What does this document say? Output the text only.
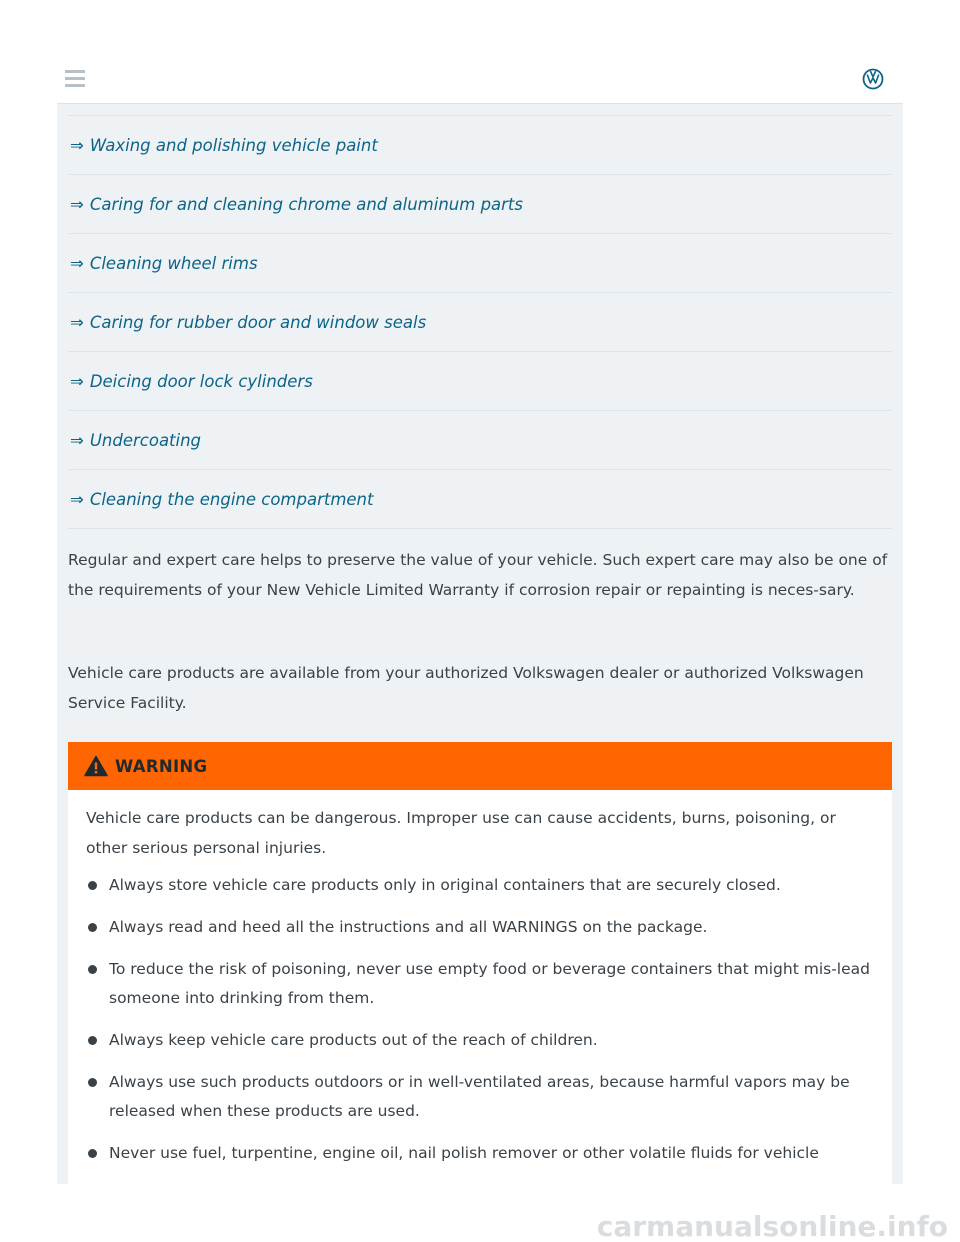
⇒ Waxing and polishing vehicle paint
⇒ Caring for and cleaning chrome and aluminum parts
⇒ Cleaning wheel rims
⇒ Caring for rubber door and window seals
⇒ Deicing door lock cylinders
⇒ Undercoating
⇒ Cleaning the engine compartment

Regular and expert care helps to preserve the value of your vehicle. Such expert care may also be one of the requirements of your New Vehicle Limited Warranty if corrosion repair or repainting is neces-sary.

Vehicle care products are available from your authorized Volkswagen dealer or authorized Volkswagen Service Facility.

WARNING

Vehicle care products can be dangerous. Improper use can cause accidents, burns, poisoning, or other serious personal injuries.

Always store vehicle care products only in original containers that are securely closed.
Always read and heed all the instructions and all WARNINGS on the package.
To reduce the risk of poisoning, never use empty food or beverage containers that might mis-lead someone into drinking from them.
Always keep vehicle care products out of the reach of children.
Always use such products outdoors or in well-ventilated areas, because harmful vapors may be released when these products are used.
Never use fuel, turpentine, engine oil, nail polish remover or other volatile fluids for vehicle
carmanualsonline.info
